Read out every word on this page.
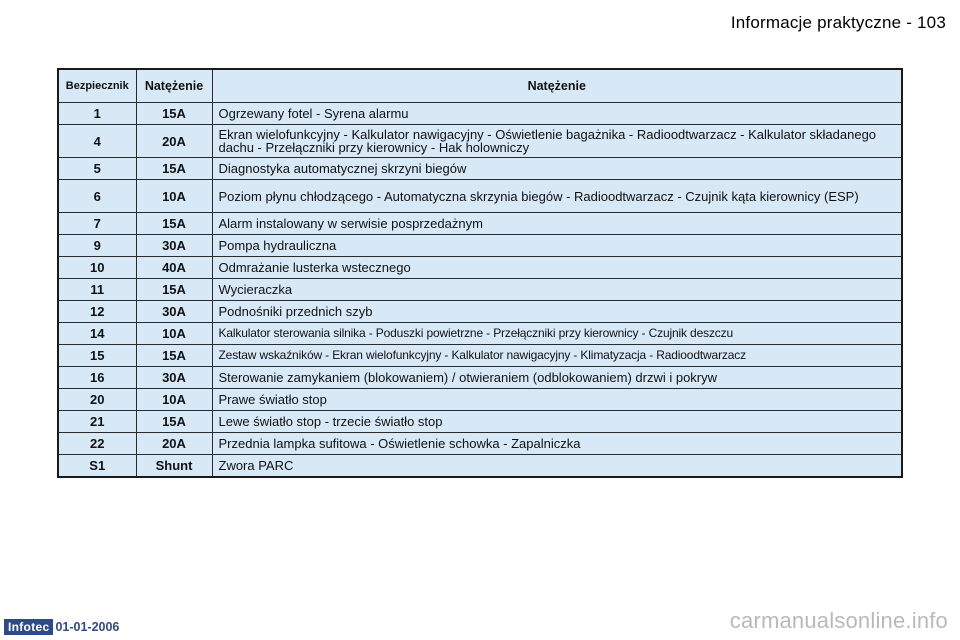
Informacje praktyczne - 103
Bezpiecznik	Natężenie	Natężenie
1	15A	Ogrzewany fotel - Syrena alarmu
4	20A	Ekran wielofunkcyjny - Kalkulator nawigacyjny - Oświetlenie bagażnika - Radioodtwarzacz - Kalkulator składanego dachu - Przełączniki przy kierownicy - Hak holowniczy
5	15A	Diagnostyka automatycznej skrzyni biegów
6	10A	Poziom płynu chłodzącego - Automatyczna skrzynia biegów - Radioodtwarzacz - Czujnik kąta kierownicy (ESP)
7	15A	Alarm instalowany w serwisie posprzedażnym
9	30A	Pompa hydrauliczna
10	40A	Odmrażanie lusterka wstecznego
11	15A	Wycieraczka
12	30A	Podnośniki przednich szyb
14	10A	Kalkulator sterowania silnika - Poduszki powietrzne - Przełączniki przy kierownicy - Czujnik deszczu
15	15A	Zestaw wskaźników - Ekran wielofunkcyjny - Kalkulator nawigacyjny - Klimatyzacja - Radioodtwarzacz
16	30A	Sterowanie zamykaniem (blokowaniem) / otwieraniem (odblokowaniem) drzwi i pokryw
20	10A	Prawe światło stop
21	15A	Lewe światło stop - trzecie światło stop
22	20A	Przednia lampka sufitowa - Oświetlenie schowka - Zapalniczka
S1	Shunt	Zwora PARC
Infotec 01-01-2006	carmanualsonline.info
